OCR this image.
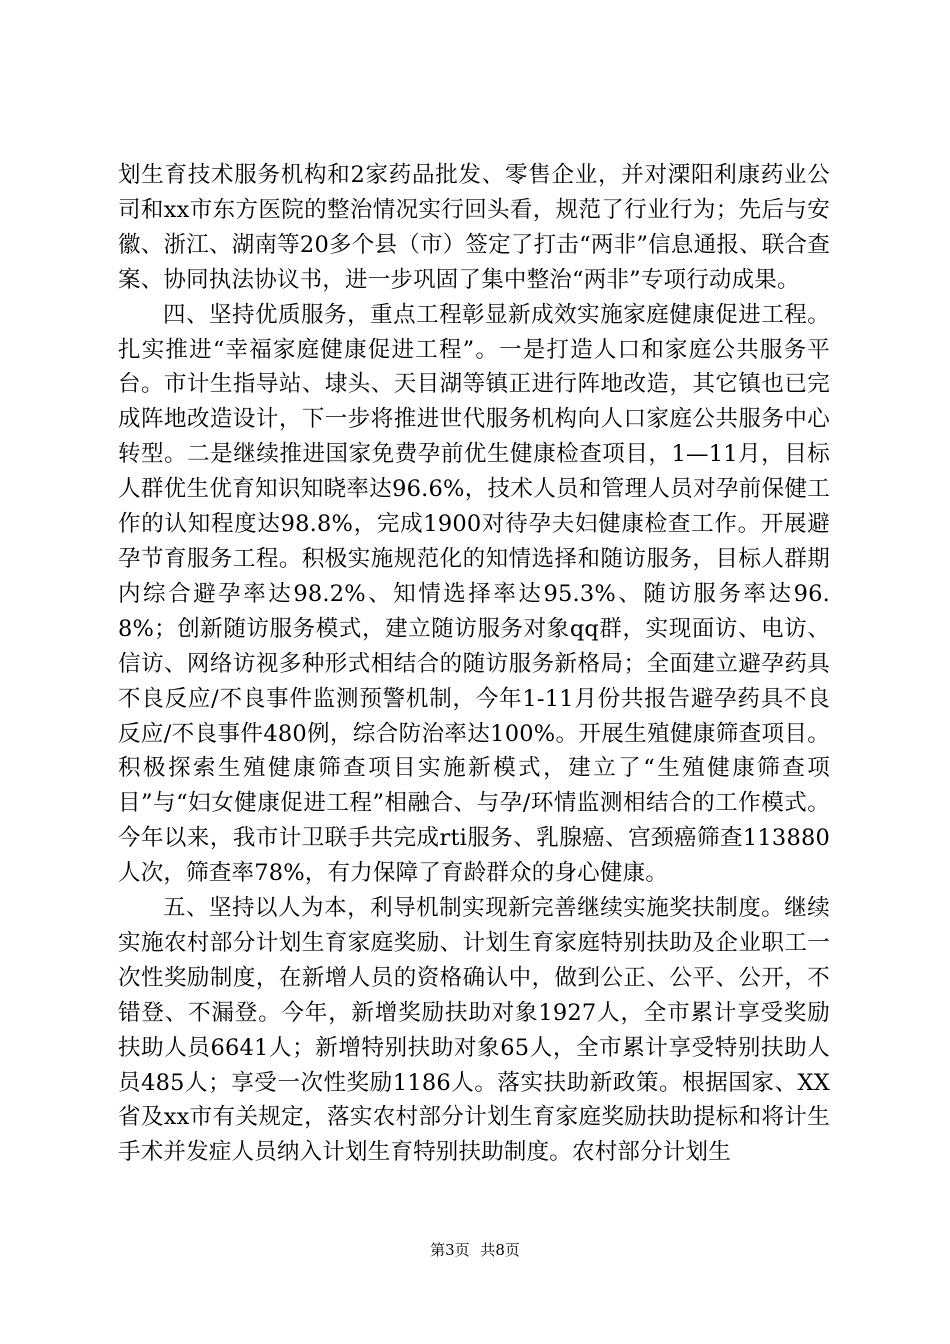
划生育技术服务机构和2家药品批发、零售企业，并对溧阳利康药业公司和xx市东方医院的整治情况实行回头看，规范了行业行为；先后与安徽、浙江、湖南等20多个县（市）签定了打击“两非”信息通报、联合查案、协同执法协议书，进一步巩固了集中整治“两非”专项行动成果。

四、坚持优质服务，重点工程彰显新成效实施家庭健康促进工程。扎实推进“幸福家庭健康促进工程”。一是打造人口和家庭公共服务平台。市计生指导站、埭头、天目湖等镇正进行阵地改造，其它镇也已完成阵地改造设计，下一步将推进世代服务机构向人口家庭公共服务中心转型。二是继续推进国家免费孕前优生健康检查项目，1—11月，目标人群优生优育知识知晓率达96.6%，技术人员和管理人员对孕前保健工作的认知程度达98.8%，完成1900对待孕夫妇健康检查工作。开展避孕节育服务工程。积极实施规范化的知情选择和随访服务，目标人群期内综合避孕率达98.2%、知情选择率达95.3%、随访服务率达96.8%；创新随访服务模式，建立随访服务对象qq群，实现面访、电访、信访、网络访视多种形式相结合的随访服务新格局；全面建立避孕药具不良反应/不良事件监测预警机制，今年1-11月份共报告避孕药具不良反应/不良事件480例，综合防治率达100%。开展生殖健康筛查项目。积极探索生殖健康筛查项目实施新模式，建立了“生殖健康筛查项目”与“妇女健康促进工程”相融合、与孕/环情监测相结合的工作模式。今年以来，我市计卫联手共完成rti服务、乳腺癌、宫颈癌筛查113880人次，筛查率78%，有力保障了育龄群众的身心健康。

五、坚持以人为本，利导机制实现新完善继续实施奖扶制度。继续实施农村部分计划生育家庭奖励、计划生育家庭特别扶助及企业职工一次性奖励制度，在新增人员的资格确认中，做到公正、公平、公开，不错登、不漏登。今年，新增奖励扶助对象1927人，全市累计享受奖励扶助人员6641人；新增特别扶助对象65人，全市累计享受特别扶助人员485人；享受一次性奖励1186人。落实扶助新政策。根据国家、XX省及xx市有关规定，落实农村部分计划生育家庭奖励扶助提标和将计生手术并发症人员纳入计划生育特别扶助制度。农村部分计划生

第3页 共8页
